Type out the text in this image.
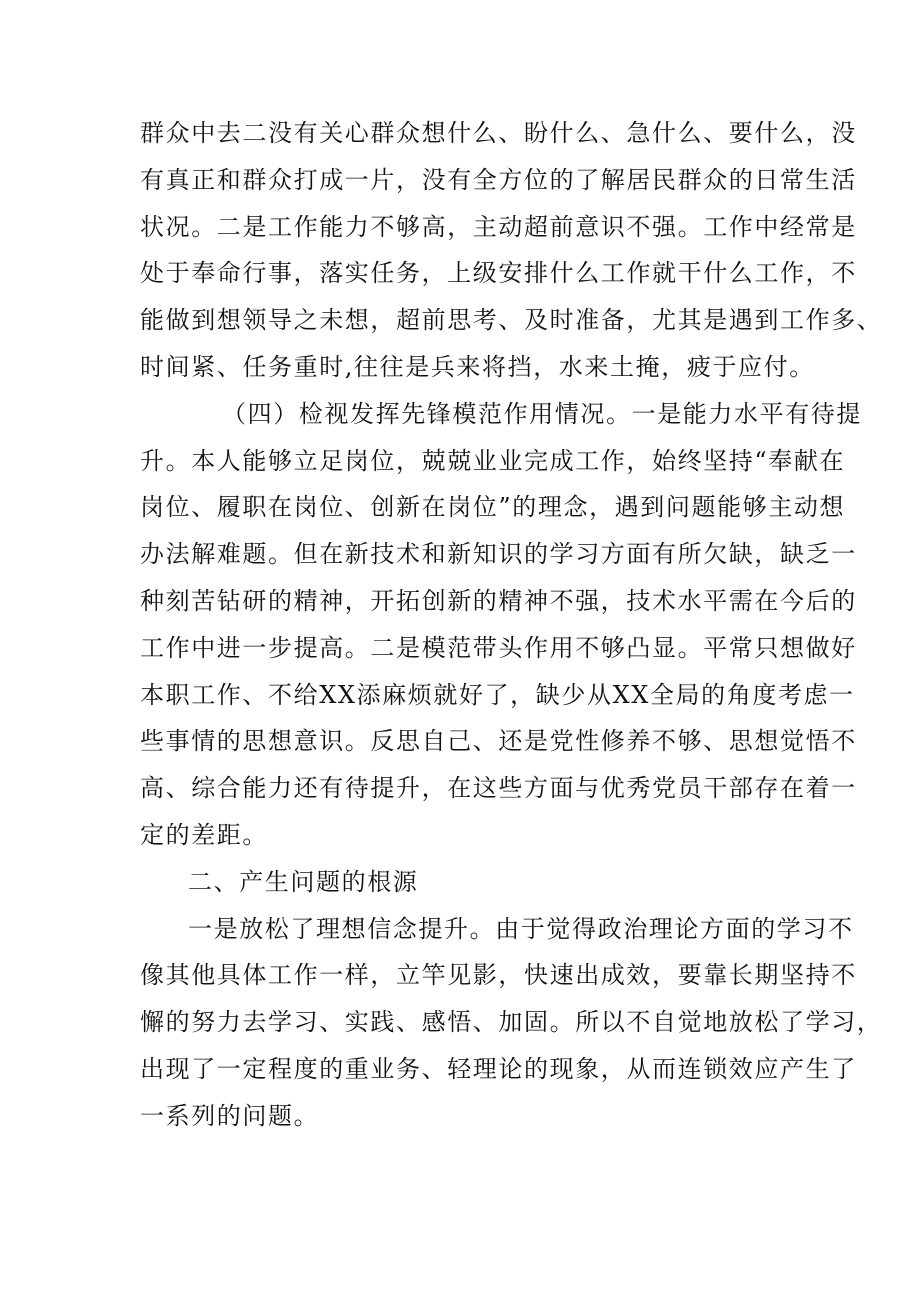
群众中去二没有关心群众想什么、盼什么、急什么、要什么，没
有真正和群众打成一片，没有全方位的了解居民群众的日常生活
状况。二是工作能力不够高，主动超前意识不强。工作中经常是
处于奉命行事，落实任务，上级安排什么工作就干什么工作，不
能做到想领导之未想，超前思考、及时准备，尤其是遇到工作多、
时间紧、任务重时,往往是兵来将挡，水来土掩，疲于应付。
（四）检视发挥先锋模范作用情况。一是能力水平有待提
升。本人能够立足岗位，兢兢业业完成工作，始终坚持“奉献在
岗位、履职在岗位、创新在岗位”的理念，遇到问题能够主动想
办法解难题。但在新技术和新知识的学习方面有所欠缺，缺乏一
种刻苦钻研的精神，开拓创新的精神不强，技术水平需在今后的
工作中进一步提高。二是模范带头作用不够凸显。平常只想做好
本职工作、不给XX添麻烦就好了，缺少从XX全局的角度考虑一
些事情的思想意识。反思自己、还是党性修养不够、思想觉悟不
高、综合能力还有待提升，在这些方面与优秀党员干部存在着一
定的差距。
二、产生问题的根源
一是放松了理想信念提升。由于觉得政治理论方面的学习不
像其他具体工作一样，立竿见影，快速出成效，要靠长期坚持不
懈的努力去学习、实践、感悟、加固。所以不自觉地放松了学习，
出现了一定程度的重业务、轻理论的现象，从而连锁效应产生了
一系列的问题。
